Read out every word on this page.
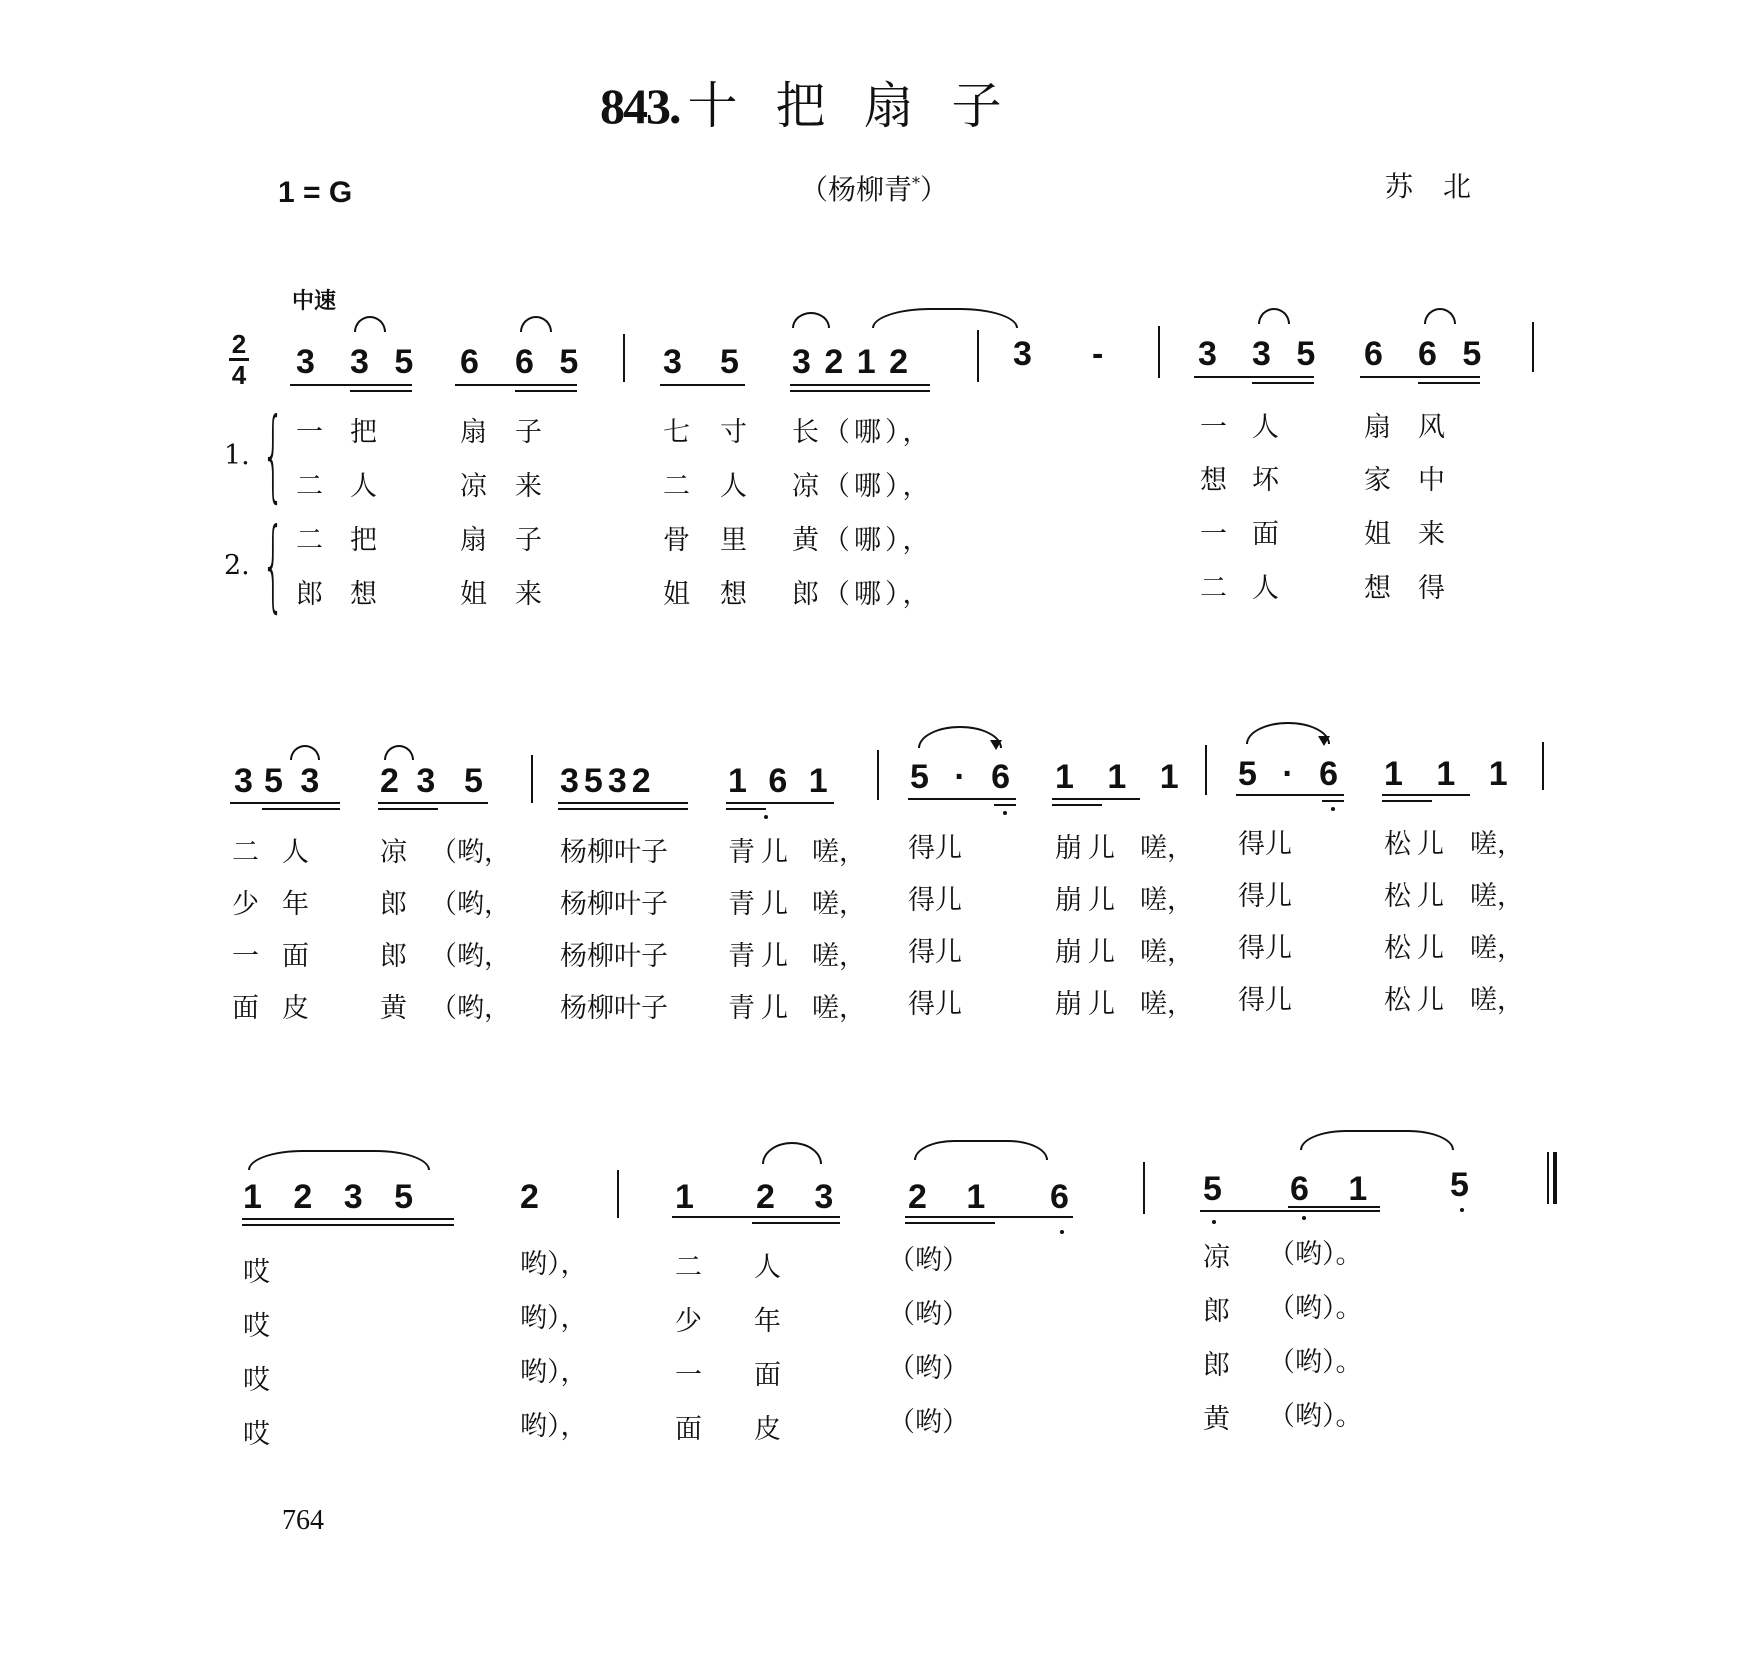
843. 十把扇子
1 = G	（杨柳青*）	苏北
中速
2
4 3 3 5 6 6 5 3 5 3 2 1 2	3 -	3 3 5 6 6 5
1. {
2. {
一 把	扇 子	七 寸 长（哪），	一 人	扇 风
二 人	凉 来	二 人 凉（哪），	想 坏	家 中
二 把	扇 子	骨 里 黄（哪），	一 面	姐 来
郎 想	姐 来	姐 想 郎（哪），	二 人	想 得
3 5 3 2 3 5 3532 1 6 1 5 · 6 1 1 1 5 · 6 1 1 1
二 人	凉 （哟， 杨柳叶子 青儿 嗟， 得儿	崩儿 嗟， 得儿	松儿 嗟，
少 年	郎 （哟， 杨柳叶子 青儿 嗟， 得儿	崩儿 嗟， 得儿	松儿 嗟，
一 面	郎 （哟， 杨柳叶子 青儿 嗟， 得儿	崩儿 嗟， 得儿	松儿 嗟，
面 皮	黄 （哟， 杨柳叶子 青儿 嗟， 得儿	崩儿 嗟， 得儿	松儿 嗟，
1 2 3 5	2	1 2 3 2 1 6	5 6 1 5
哎	哟），	二 人	（哟）	凉 （哟）。
哎	哟），	少 年	（哟）	郎 （哟）。
哎	哟），	一 面	（哟）	郎 （哟）。
哎	哟），	面 皮	（哟）	黄 （哟）。
764
